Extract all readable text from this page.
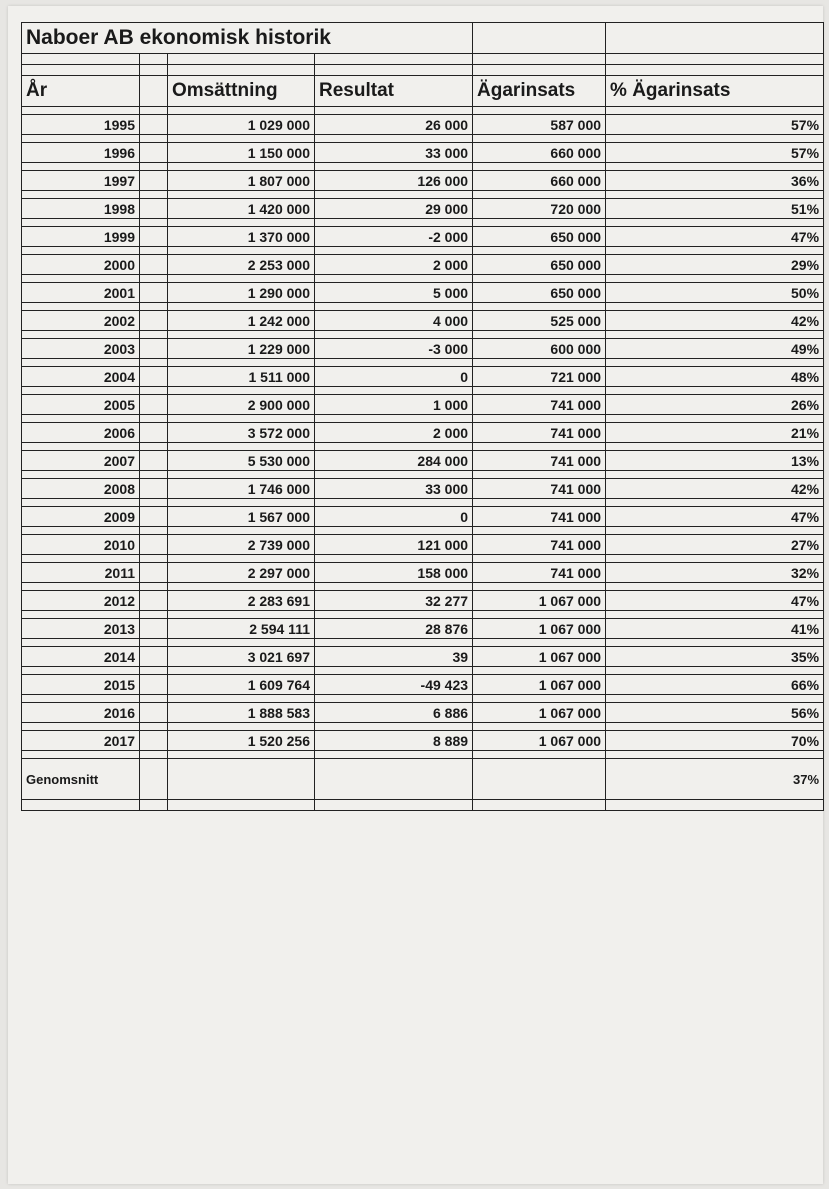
Naboer AB ekonomisk historik					

År		Omsättning	Resultat	Ägarinsats	% Ägarinsats

1995		1 029 000	26 000	587 000	57%

1996		1 150 000	33 000	660 000	57%

1997		1 807 000	126 000	660 000	36%

1998		1 420 000	29 000	720 000	51%

1999		1 370 000	-2 000	650 000	47%

2000		2 253 000	2 000	650 000	29%

2001		1 290 000	5 000	650 000	50%

2002		1 242 000	4 000	525 000	42%

2003		1 229 000	-3 000	600 000	49%

2004		1 511 000	0	721 000	48%

2005		2 900 000	1 000	741 000	26%

2006		3 572 000	2 000	741 000	21%

2007		5 530 000	284 000	741 000	13%

2008		1 746 000	33 000	741 000	42%

2009		1 567 000	0	741 000	47%

2010		2 739 000	121 000	741 000	27%

2011		2 297 000	158 000	741 000	32%

2012		2 283 691	32 277	1 067 000	47%

2013		2 594 111	28 876	1 067 000	41%

2014		3 021 697	39	1 067 000	35%

2015		1 609 764	-49 423	1 067 000	66%

2016		1 888 583	6 886	1 067 000	56%

2017		1 520 256	8 889	1 067 000	70%

Genomsnitt					37%
